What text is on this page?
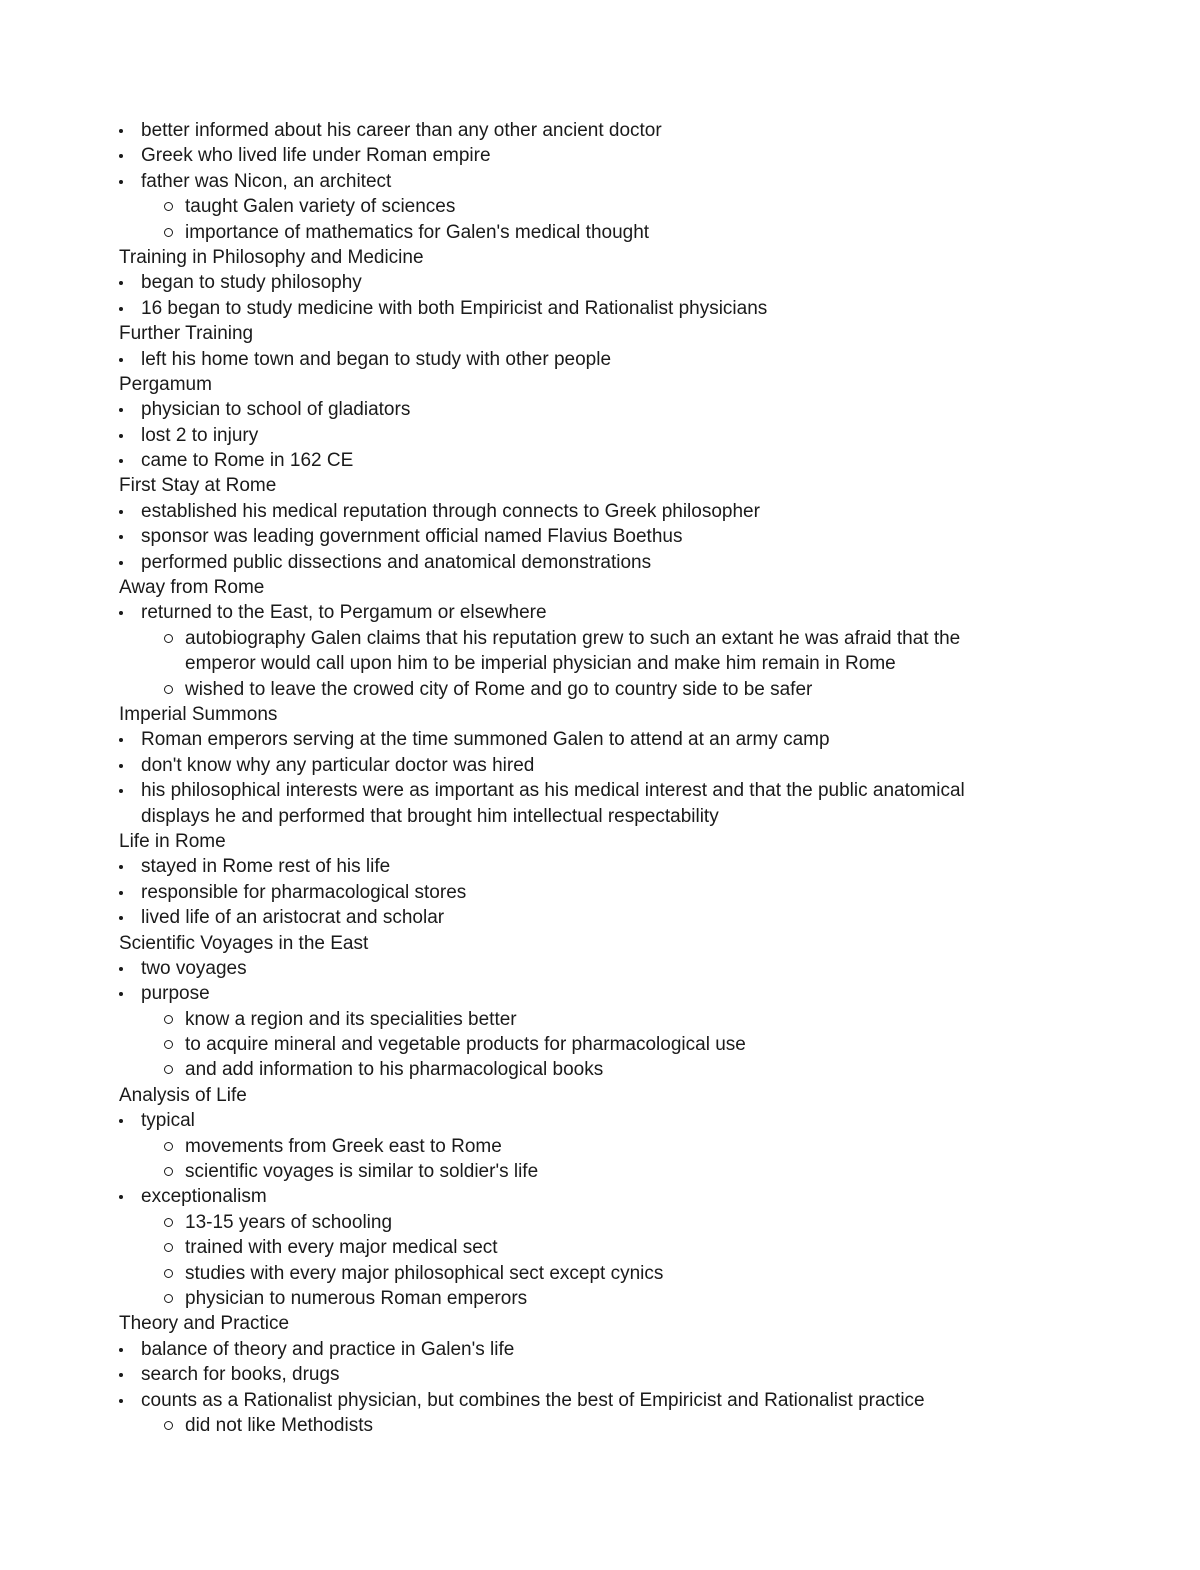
better informed about his career than any other ancient doctor
Greek who lived life under Roman empire
father was Nicon, an architect
taught Galen variety of sciences
importance of mathematics for Galen's medical thought
Training in Philosophy and Medicine
began to study philosophy
16 began to study medicine with both Empiricist and Rationalist physicians
Further Training
left his home town and began to study with other people
Pergamum
physician to school of gladiators
lost 2 to injury
came to Rome in 162 CE
First Stay at Rome
established his medical reputation through connects to Greek philosopher
sponsor was leading government official named Flavius Boethus
performed public dissections and anatomical demonstrations
Away from Rome
returned to the East, to Pergamum or elsewhere
autobiography Galen claims that his reputation grew to such an extant he was afraid that the
emperor would call upon him to be imperial physician and make him remain in Rome
wished to leave the crowed city of Rome and go to country side to be safer
Imperial Summons
Roman emperors serving at the time summoned Galen to attend at an army camp
don't know why any particular doctor was hired
his philosophical interests were as important as his medical interest and that the public anatomical
displays he and performed that brought him intellectual respectability
Life in Rome
stayed in Rome rest of his life
responsible for pharmacological stores
lived life of an aristocrat and scholar
Scientific Voyages in the East
two voyages
purpose
know a region and its specialities better
to acquire mineral and vegetable products for pharmacological use
and add information to his pharmacological books
Analysis of Life
typical
movements from Greek east to Rome
scientific voyages is similar to soldier's life
exceptionalism
13-15 years of schooling
trained with every major medical sect
studies with every major philosophical sect except cynics
physician to numerous Roman emperors
Theory and Practice
balance of theory and practice in Galen's life
search for books, drugs
counts as a Rationalist physician, but combines the best of Empiricist and Rationalist practice
did not like Methodists
